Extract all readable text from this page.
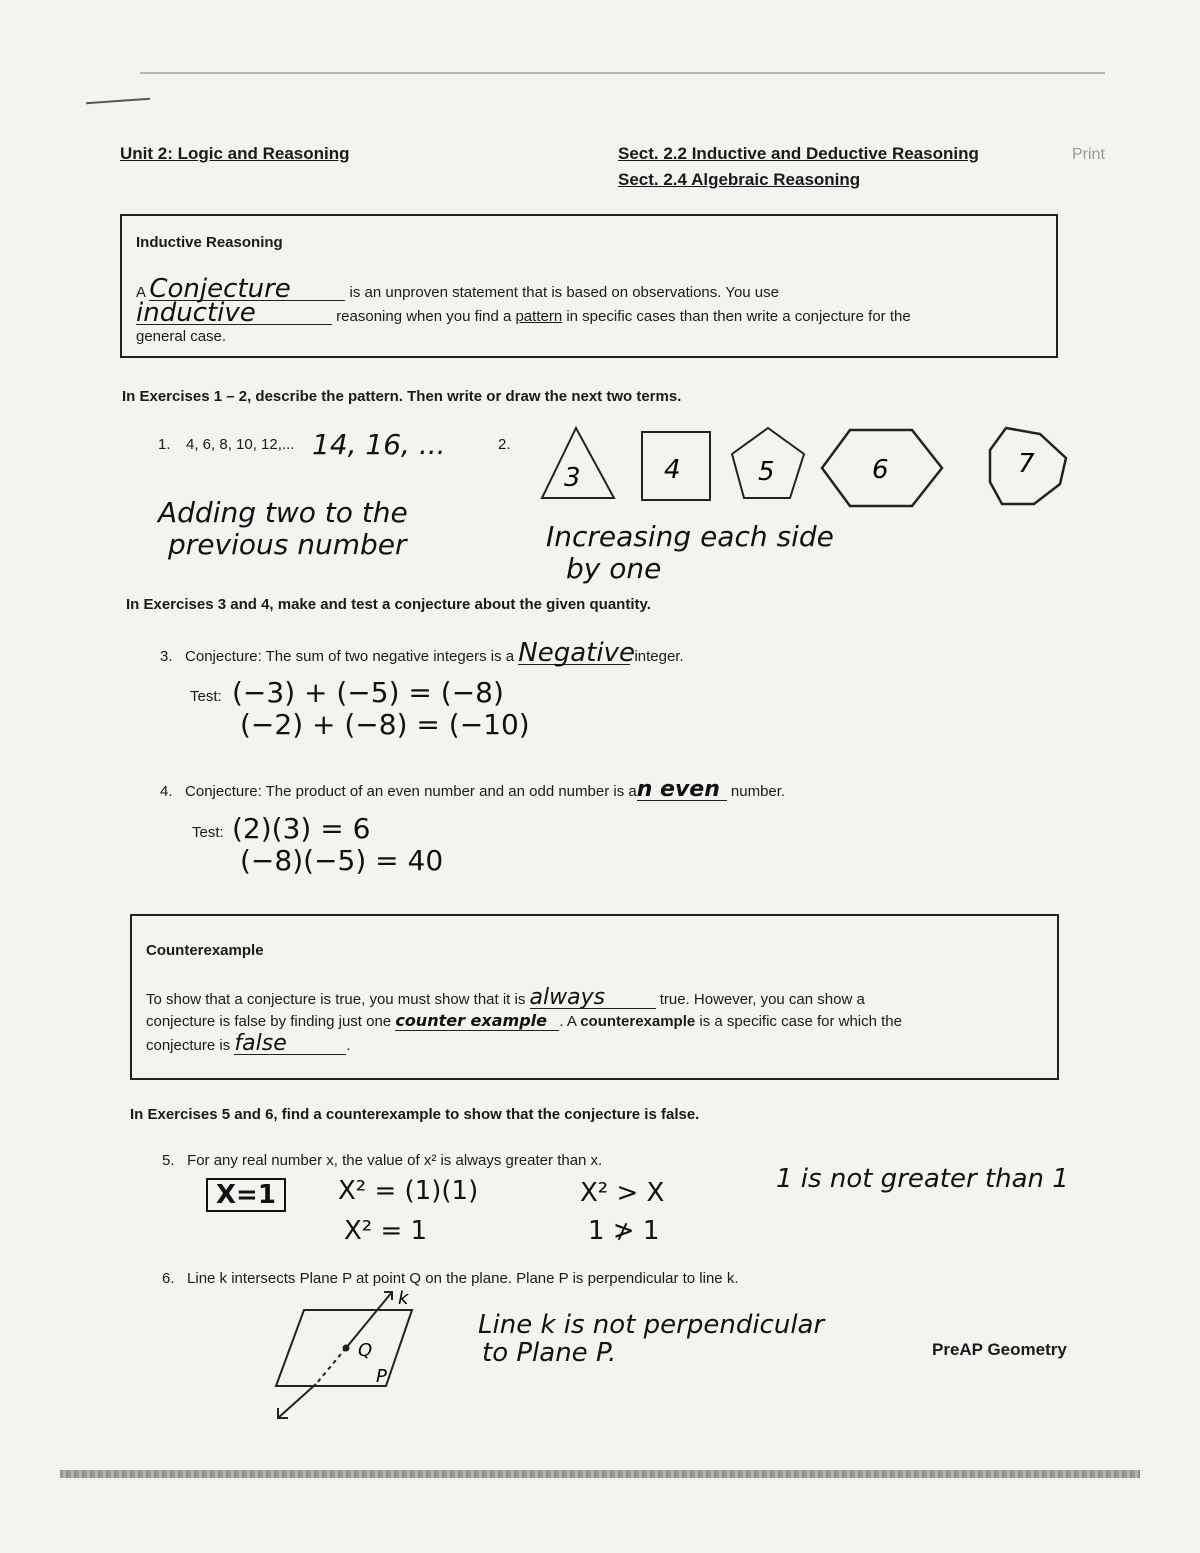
Unit 2: Logic and Reasoning	Sect. 2.2 Inductive and Deductive Reasoning
Sect. 2.4 Algebraic Reasoning
Print
Inductive Reasoning
A Conjecture	is an unproven statement that is based on observations. You use
inductive	reasoning when you find a pattern in specific cases than then write a conjecture for the
general case.
In Exercises 1 – 2, describe the pattern. Then write or draw the next two terms.
1. 4, 6, 8, 10, 12,... 14, 16, ...
Adding two to the
previous number
2.
3	4	5	6	7
Increasing each side
by one
In Exercises 3 and 4, make and test a conjecture about the given quantity.
3. Conjecture: The sum of two negative integers is a Negative integer.
Test: (−3) + (−5) = (−8)
(−2) + (−8) = (−10)
4. Conjecture: The product of an even number and an odd number is an even number.
Test: (2)(3) = 6
(−8)(−5) = 40
Counterexample
To show that a conjecture is true, you must show that it is always	true. However, you can show a
conjecture is false by finding just one counter example . A counterexample is a specific case for which the
conjecture is false	.
In Exercises 5 and 6, find a counterexample to show that the conjecture is false.
5. For any real number x, the value of x² is always greater than x.
X=1	X² = (1)(1)
X² = 1
X² > X
1 ≯ 1
1 is not greater than 1
6. Line k intersects Plane P at point Q on the plane. Plane P is perpendicular to line k.
k
Q
P
Line k is not perpendicular
to Plane P.	PreAP Geometry
